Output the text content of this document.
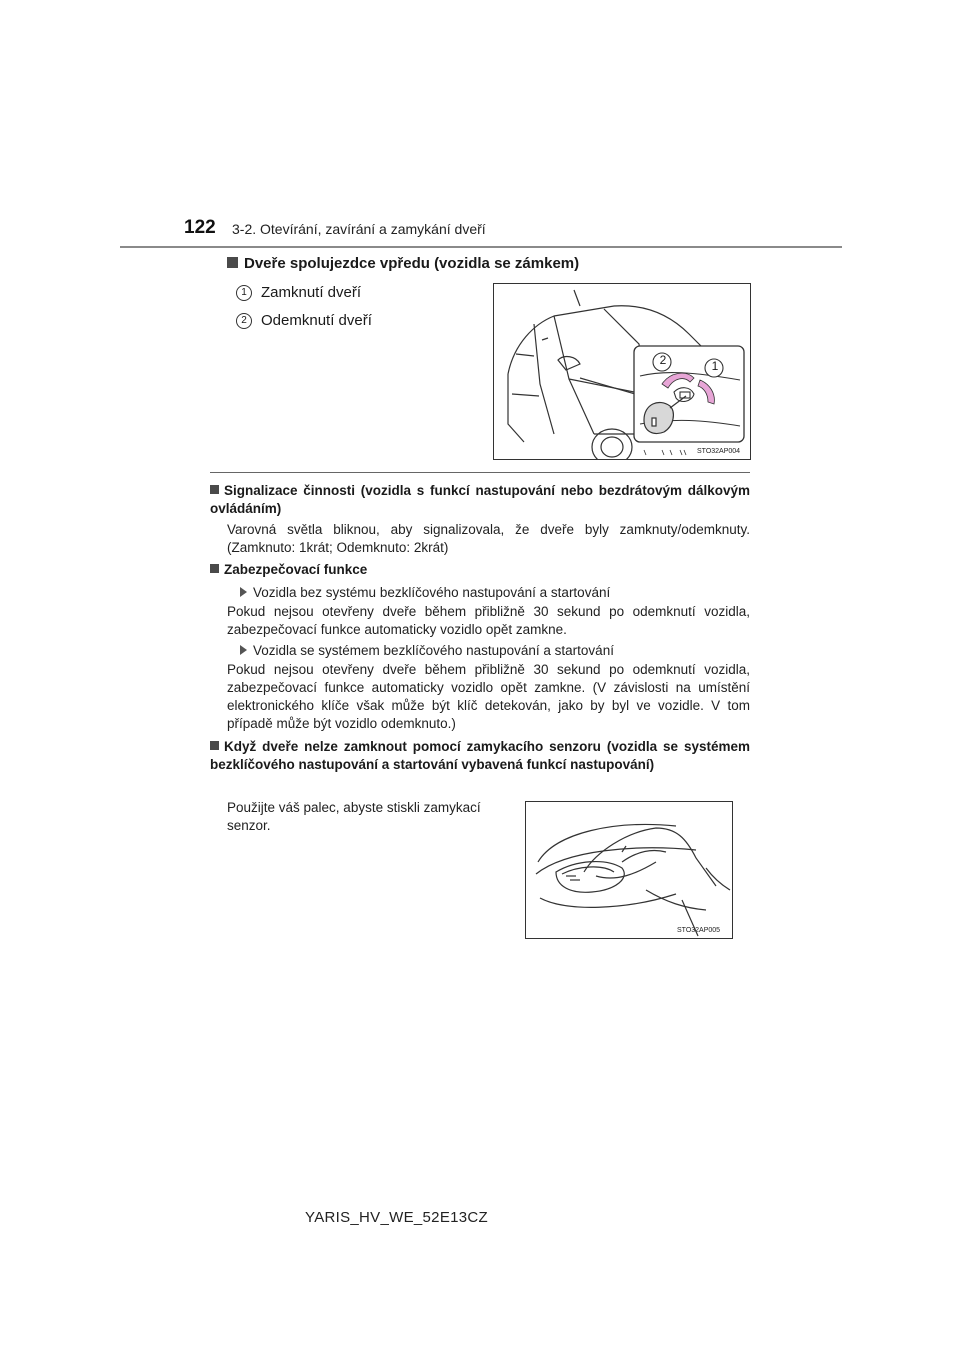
122 3-2. Otevírání, zavírání a zamykání dveří
Dveře spolujezdce vpředu (vozidla se zámkem)
1 Zamknutí dveří
2 Odemknutí dveří
2	1
STO32AP004
Signalizace činnosti (vozidla s funkcí nastupování nebo bezdrátovým dálkovým ovládáním)
Varovná světla bliknou, aby signalizovala, že dveře byly zamknuty/odemknuty. (Zamknuto: 1krát; Odemknuto: 2krát)
Zabezpečovací funkce
Vozidla bez systému bezklíčového nastupování a startování
Pokud nejsou otevřeny dveře během přibližně 30 sekund po odemknutí vozidla, zabezpečovací funkce automaticky vozidlo opět zamkne.
Vozidla se systémem bezklíčového nastupování a startování
Pokud nejsou otevřeny dveře během přibližně 30 sekund po odemknutí vozidla, zabezpečovací funkce automaticky vozidlo opět zamkne. (V závislosti na umístění elektronického klíče však může být klíč detekován, jako by byl ve vozidle. V tom případě může být vozidlo odemknuto.)
Když dveře nelze zamknout pomocí zamykacího senzoru (vozidla se systémem bezklíčového nastupování a startování vybavená funkcí nastupování)
Použijte váš palec, abyste stiskli zamykací senzor.
STO32AP005
YARIS_HV_WE_52E13CZ
